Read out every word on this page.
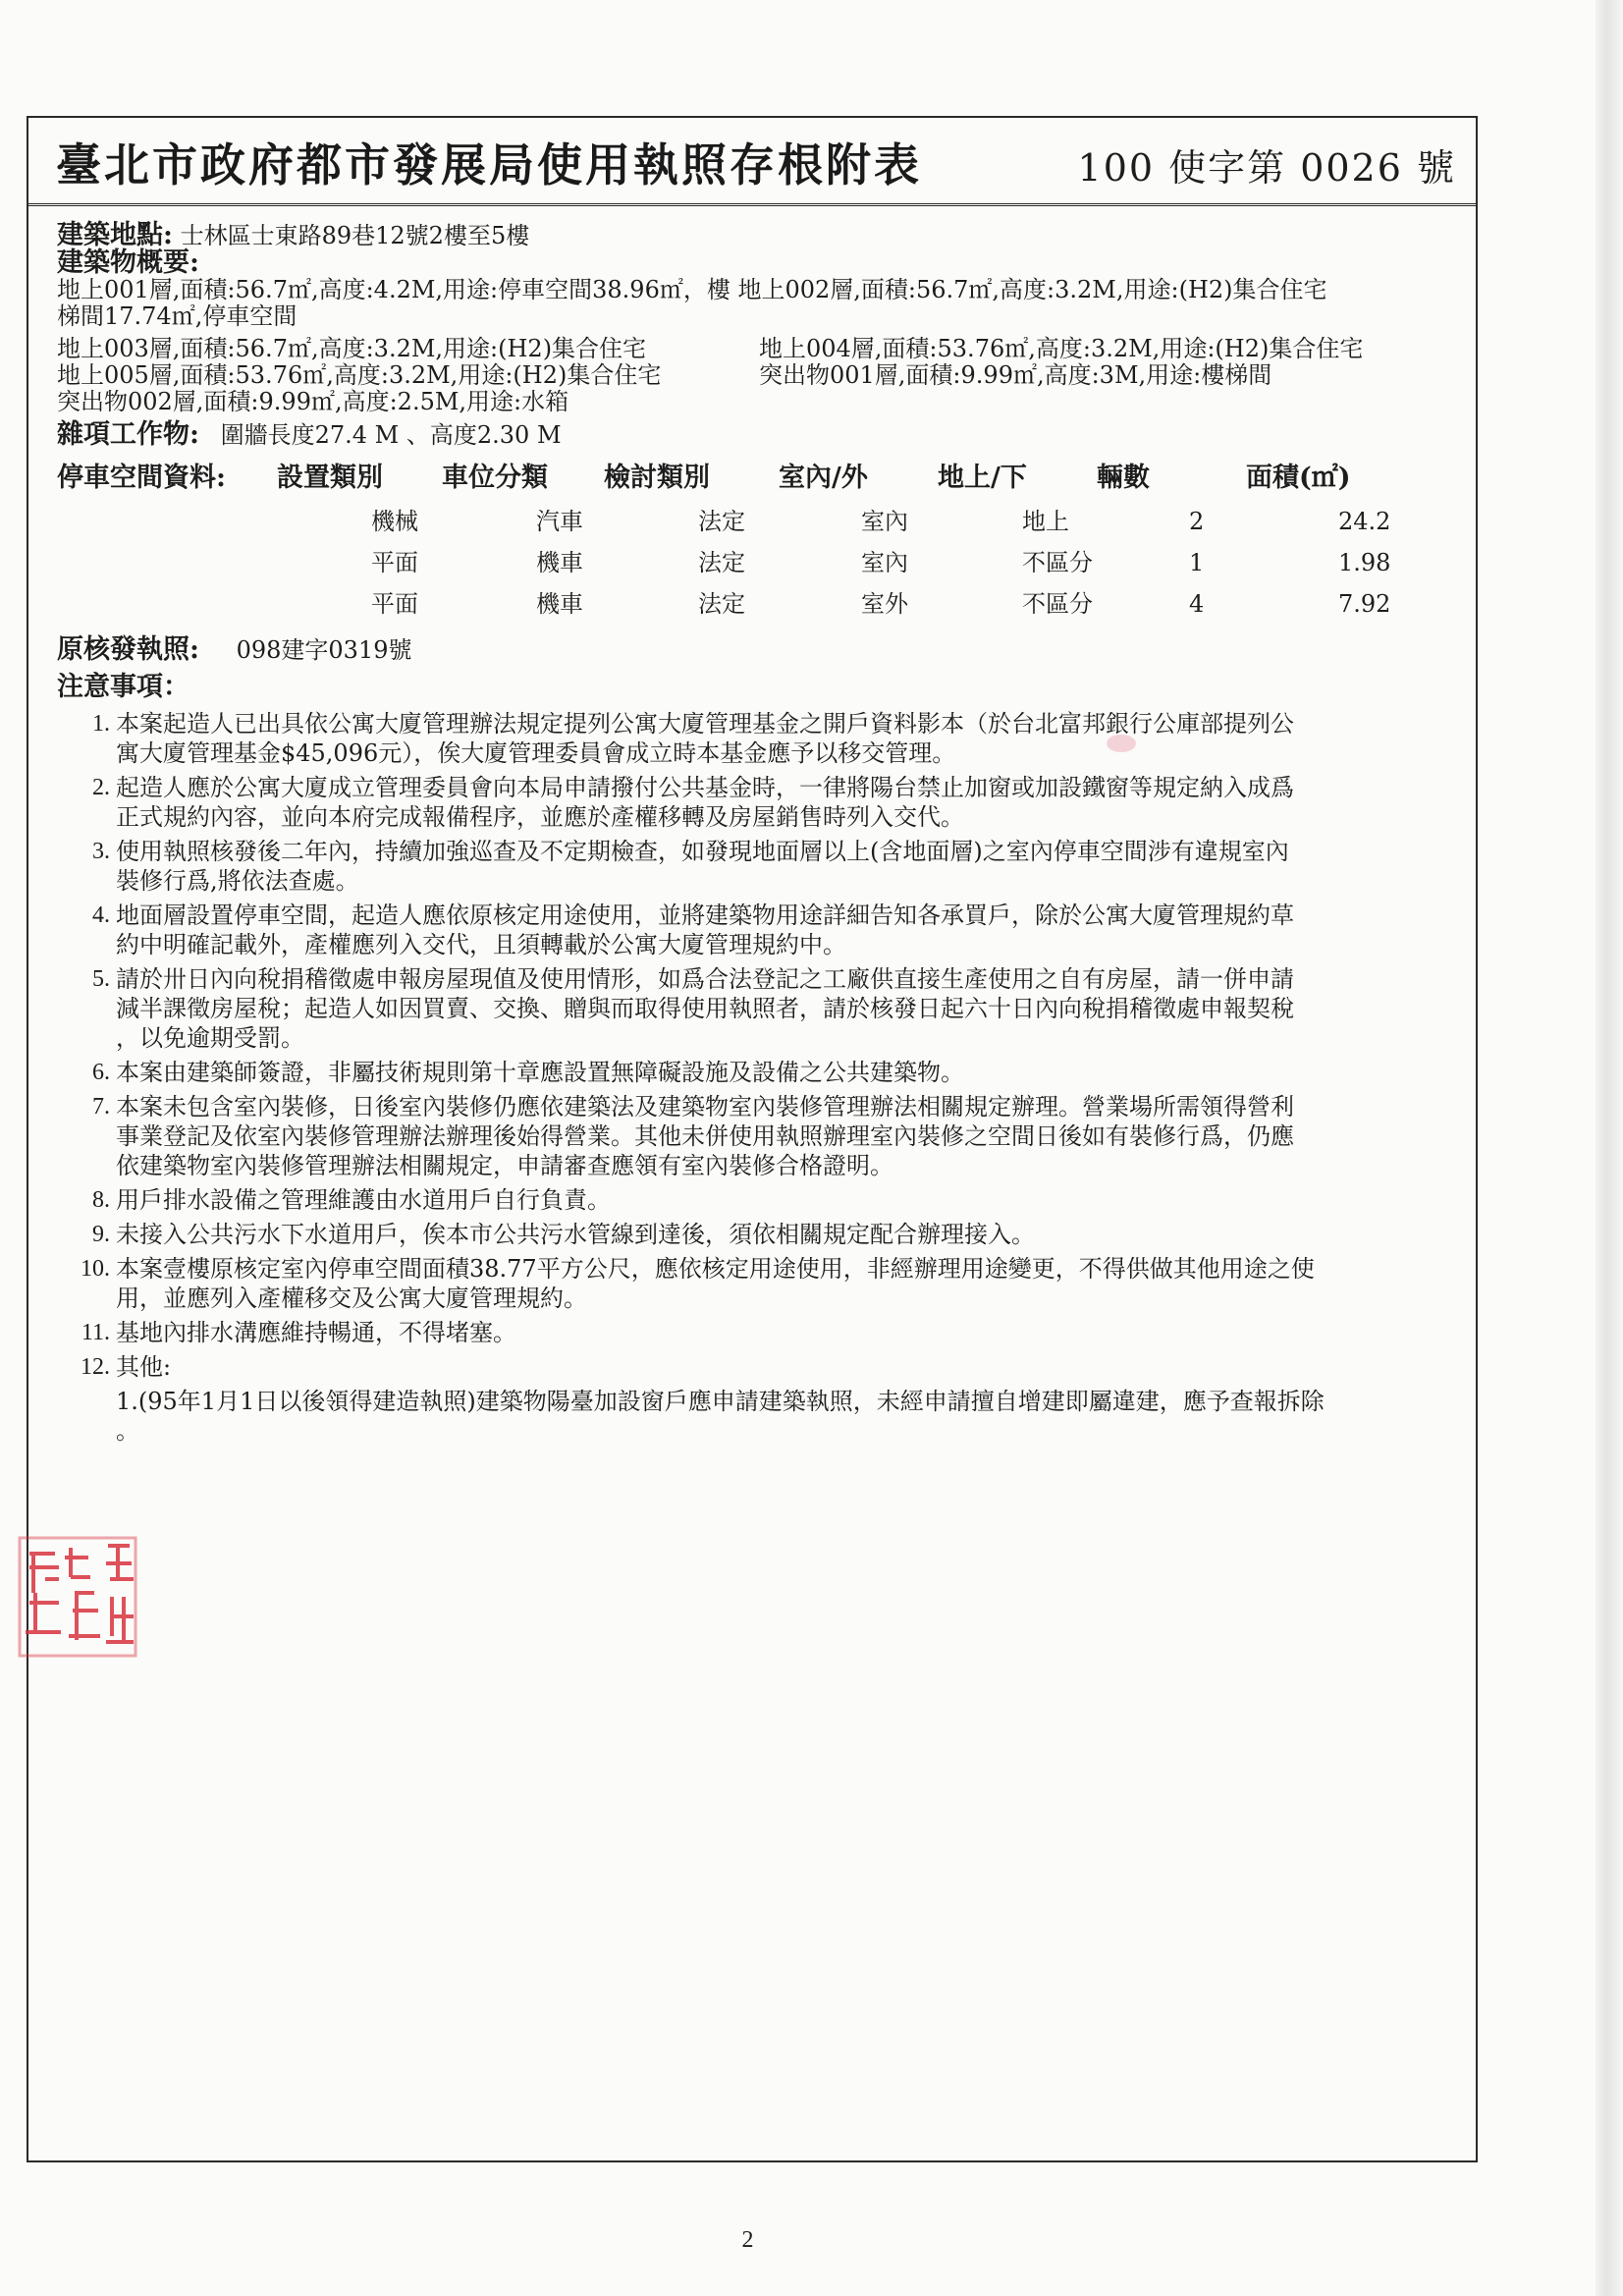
臺北市政府都市發展局使用執照存根附表	100 使字第 0026 號
建築地點: 士林區士東路89巷12號2樓至5樓
建築物概要:
地上001層,面積:56.7㎡,高度:4.2M,用途:停車空間38.96㎡，樓 地上002層,面積:56.7㎡,高度:3.2M,用途:(H2)集合住宅
梯間17.74㎡,停車空間
地上003層,面積:56.7㎡,高度:3.2M,用途:(H2)集合住宅
地上005層,面積:53.76㎡,高度:3.2M,用途:(H2)集合住宅
突出物002層,面積:9.99㎡,高度:2.5M,用途:水箱
地上004層,面積:53.76㎡,高度:3.2M,用途:(H2)集合住宅
突出物001層,面積:9.99㎡,高度:3M,用途:樓梯間
雜項工作物: 圍牆長度27.4 M 、高度2.30 M
停車空間資料:	設置類別	車位分類	檢討類別	室內/外	地上/下	輛數	面積(㎡)
機械	汽車	法定	室內	地上	2	24.2
平面	機車	法定	室內	不區分	1	1.98
平面	機車	法定	室外	不區分	4	7.92
原核發執照: 098建字0319號
注意事項：
1. 本案起造人已出具依公寓大廈管理辦法規定提列公寓大廈管理基金之開戶資料影本（於台北富邦銀行公庫部提列公
寓大廈管理基金$45,096元），俟大廈管理委員會成立時本基金應予以移交管理。
2. 起造人應於公寓大廈成立管理委員會向本局申請撥付公共基金時，一律將陽台禁止加窗或加設鐵窗等規定納入成爲
正式規約內容，並向本府完成報備程序，並應於產權移轉及房屋銷售時列入交代。
3. 使用執照核發後二年內，持續加強巡查及不定期檢查，如發現地面層以上(含地面層)之室內停車空間涉有違規室內
裝修行爲,將依法查處。
4. 地面層設置停車空間，起造人應依原核定用途使用，並將建築物用途詳細告知各承買戶，除於公寓大廈管理規約草
約中明確記載外，產權應列入交代，且須轉載於公寓大廈管理規約中。
5. 請於卅日內向稅捐稽徵處申報房屋現值及使用情形，如爲合法登記之工廠供直接生產使用之自有房屋，請一併申請
減半課徵房屋稅；起造人如因買賣、交換、贈與而取得使用執照者，請於核發日起六十日內向稅捐稽徵處申報契稅
，以免逾期受罰。
6. 本案由建築師簽證，非屬技術規則第十章應設置無障礙設施及設備之公共建築物。
7. 本案未包含室內裝修，日後室內裝修仍應依建築法及建築物室內裝修管理辦法相關規定辦理。營業場所需領得營利
事業登記及依室內裝修管理辦法辦理後始得營業。其他未併使用執照辦理室內裝修之空間日後如有裝修行爲，仍應
依建築物室內裝修管理辦法相關規定，申請審查應領有室內裝修合格證明。
8. 用戶排水設備之管理維護由水道用戶自行負責。
9. 未接入公共污水下水道用戶，俟本市公共污水管線到達後，須依相關規定配合辦理接入。
10. 本案壹樓原核定室內停車空間面積38.77平方公尺，應依核定用途使用，非經辦理用途變更，不得供做其他用途之使
用，並應列入產權移交及公寓大廈管理規約。
11. 基地內排水溝應維持暢通，不得堵塞。
12. 其他:
1.(95年1月1日以後領得建造執照)建築物陽臺加設窗戶應申請建築執照，未經申請擅自增建即屬違建，應予查報拆除
。
2
